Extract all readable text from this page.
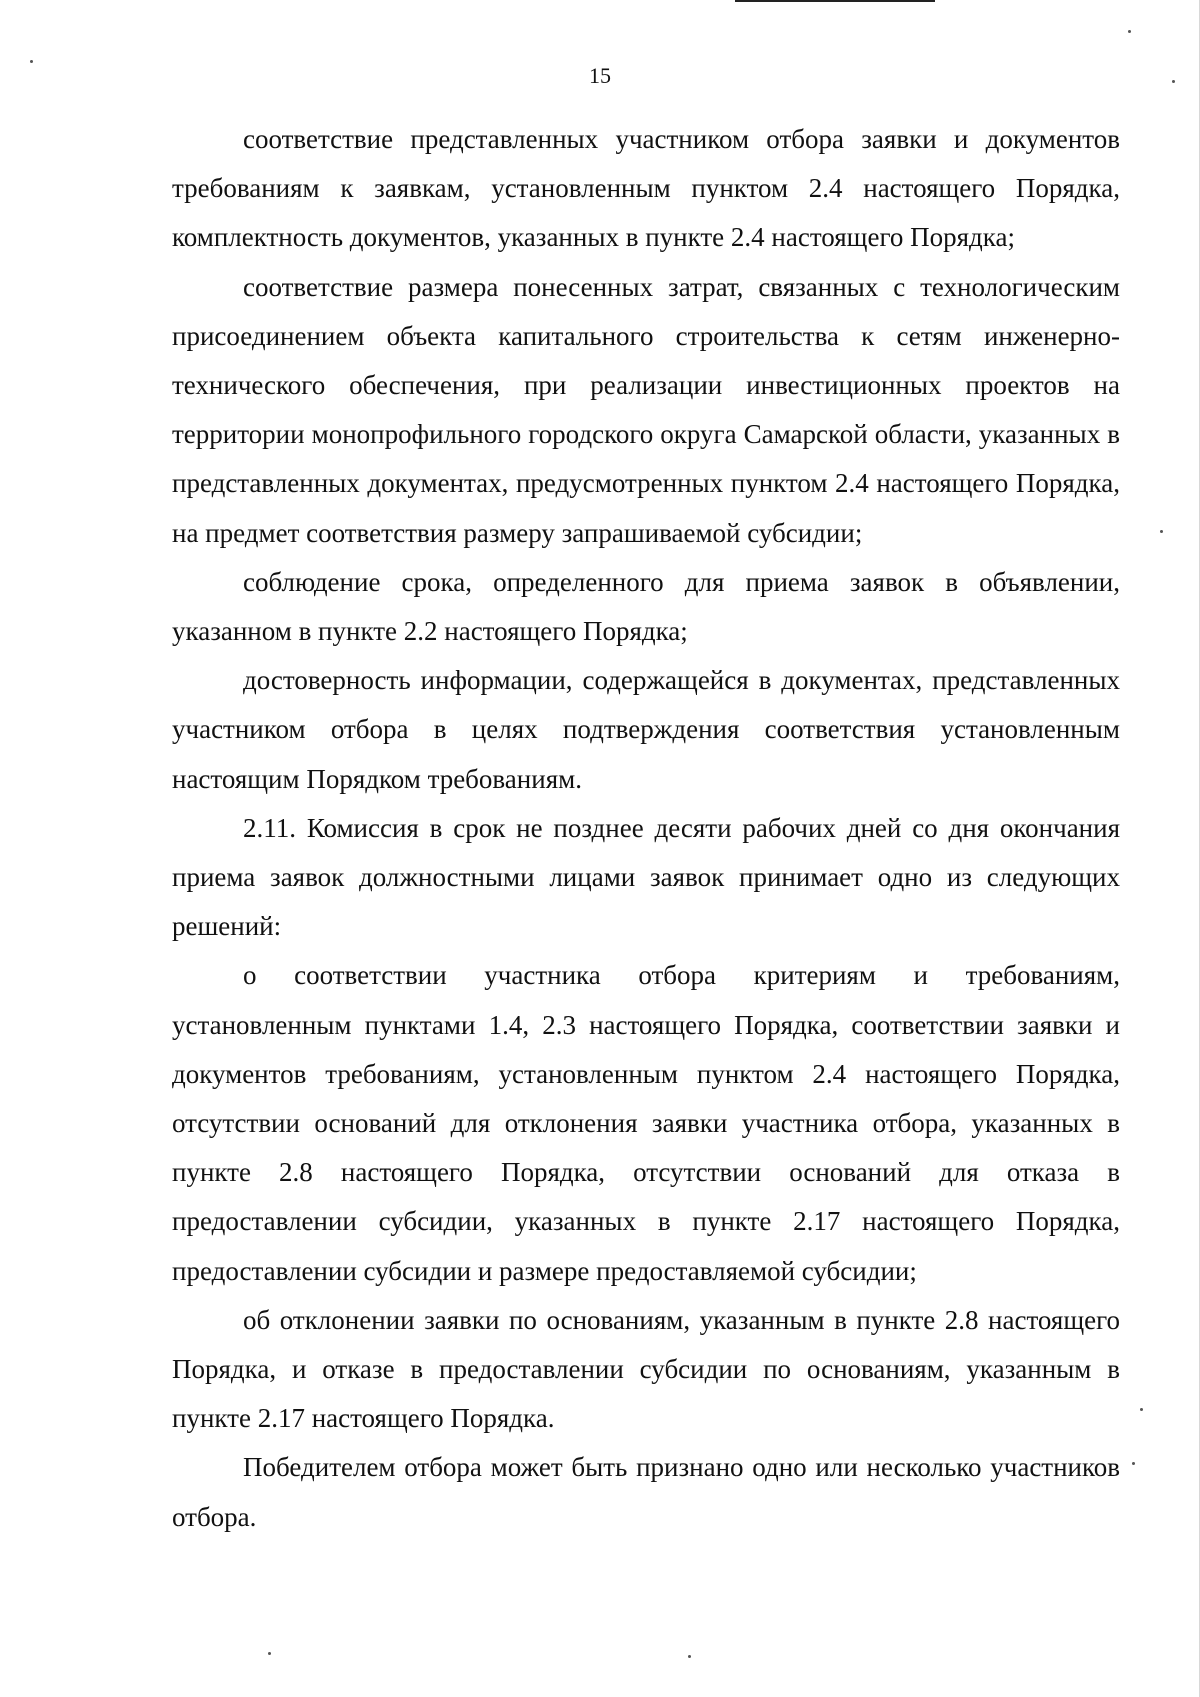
15

соответствие представленных участником отбора заявки и документов требованиям к заявкам, установленным пунктом 2.4 настоящего Порядка, комплектность документов, указанных в пункте 2.4 настоящего Порядка;

соответствие размера понесенных затрат, связанных с технологическим присоединением объекта капитального строительства к сетям инженерно-технического обеспечения, при реализации инвестиционных проектов на территории монопрофильного городского округа Самарской области, указанных в представленных документах, предусмотренных пунктом 2.4 настоящего Порядка, на предмет соответствия размеру запрашиваемой субсидии;

соблюдение срока, определенного для приема заявок в объявлении, указанном в пункте 2.2 настоящего Порядка;

достоверность информации, содержащейся в документах, представленных участником отбора в целях подтверждения соответствия установленным настоящим Порядком требованиям.

2.11. Комиссия в срок не позднее десяти рабочих дней со дня окончания приема заявок должностными лицами заявок принимает одно из следующих решений:

о соответствии участника отбора критериям и требованиям, установленным пунктами 1.4, 2.3 настоящего Порядка, соответствии заявки и документов требованиям, установленным пунктом 2.4 настоящего Порядка, отсутствии оснований для отклонения заявки участника отбора, указанных в пункте 2.8 настоящего Порядка, отсутствии оснований для отказа в предоставлении субсидии, указанных в пункте 2.17 настоящего Порядка, предоставлении субсидии и размере предоставляемой субсидии;

об отклонении заявки по основаниям, указанным в пункте 2.8 настоящего Порядка, и отказе в предоставлении субсидии по основаниям, указанным в пункте 2.17 настоящего Порядка.

Победителем отбора может быть признано одно или несколько участников отбора.
